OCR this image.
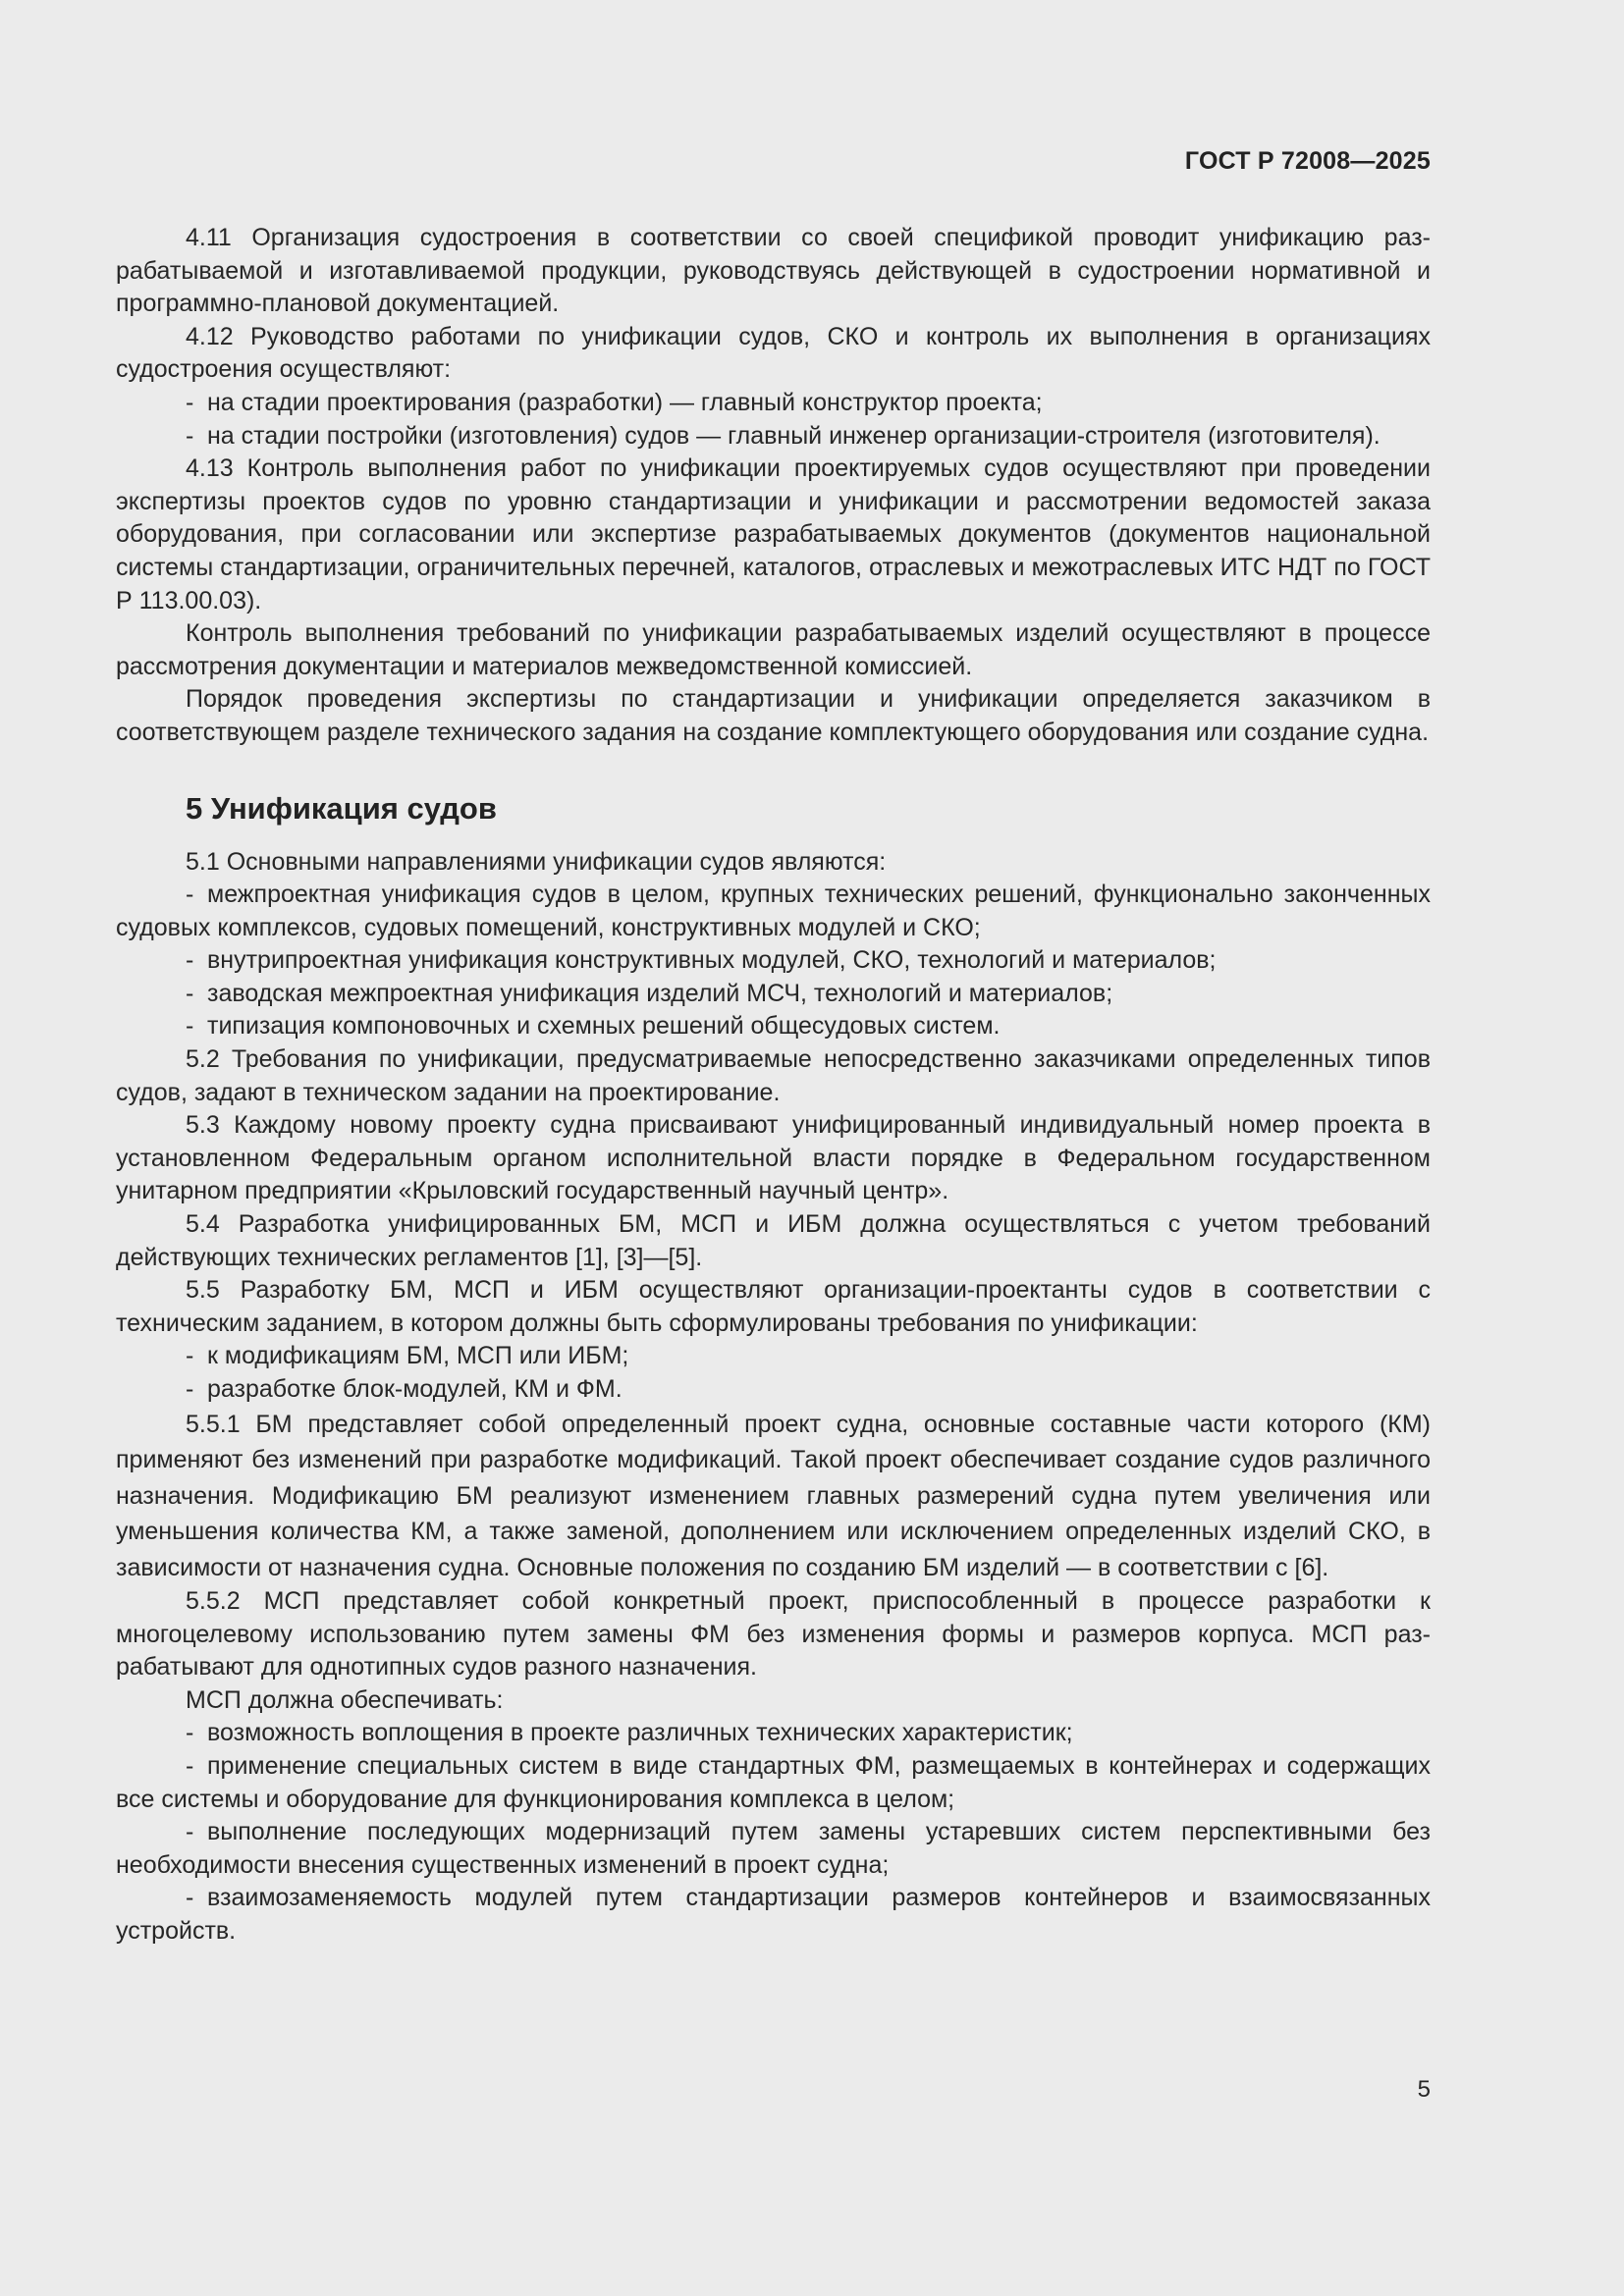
ГОСТ Р 72008—2025

4.11 Организация судостроения в соответствии со своей спецификой проводит унификацию разрабатываемой и изготавливаемой продукции, руководствуясь действующей в судостроении нормативной и программно-плановой документацией.

4.12 Руководство работами по унификации судов, СКО и контроль их выполнения в организациях судостроения осуществляют:

- на стадии проектирования (разработки) — главный конструктор проекта;

- на стадии постройки (изготовления) судов — главный инженер организации-строителя (изготовителя).

4.13 Контроль выполнения работ по унификации проектируемых судов осуществляют при проведении экспертизы проектов судов по уровню стандартизации и унификации и рассмотрении ведомостей заказа оборудования, при согласовании или экспертизе разрабатываемых документов (документов национальной системы стандартизации, ограничительных перечней, каталогов, отраслевых и межотраслевых ИТС НДТ по ГОСТ Р 113.00.03).

Контроль выполнения требований по унификации разрабатываемых изделий осуществляют в процессе рассмотрения документации и материалов межведомственной комиссией.

Порядок проведения экспертизы по стандартизации и унификации определяется заказчиком в соответствующем разделе технического задания на создание комплектующего оборудования или создание судна.

5 Унификация судов

5.1 Основными направлениями унификации судов являются:

- межпроектная унификация судов в целом, крупных технических решений, функционально законченных судовых комплексов, судовых помещений, конструктивных модулей и СКО;

- внутрипроектная унификация конструктивных модулей, СКО, технологий и материалов;

- заводская межпроектная унификация изделий МСЧ, технологий и материалов;

- типизация компоновочных и схемных решений общесудовых систем.

5.2 Требования по унификации, предусматриваемые непосредственно заказчиками определенных типов судов, задают в техническом задании на проектирование.

5.3 Каждому новому проекту судна присваивают унифицированный индивидуальный номер проекта в установленном Федеральным органом исполнительной власти порядке в Федеральном государственном унитарном предприятии «Крыловский государственный научный центр».

5.4 Разработка унифицированных БМ, МСП и ИБМ должна осуществляться с учетом требований действующих технических регламентов [1], [3]—[5].

5.5 Разработку БМ, МСП и ИБМ осуществляют организации-проектанты судов в соответствии с техническим заданием, в котором должны быть сформулированы требования по унификации:

- к модификациям БМ, МСП или ИБМ;

- разработке блок-модулей, КМ и ФМ.

5.5.1 БМ представляет собой определенный проект судна, основные составные части которого (КМ) применяют без изменений при разработке модификаций. Такой проект обеспечивает создание судов различного назначения. Модификацию БМ реализуют изменением главных размерений судна путем увеличения или уменьшения количества КМ, а также заменой, дополнением или исключением определенных изделий СКО, в зависимости от назначения судна. Основные положения по созданию БМ изделий — в соответствии с [6].

5.5.2 МСП представляет собой конкретный проект, приспособленный в процессе разработки к многоцелевому использованию путем замены ФМ без изменения формы и размеров корпуса. МСП разрабатывают для однотипных судов разного назначения.

МСП должна обеспечивать:

- возможность воплощения в проекте различных технических характеристик;

- применение специальных систем в виде стандартных ФМ, размещаемых в контейнерах и содержащих все системы и оборудование для функционирования комплекса в целом;

- выполнение последующих модернизаций путем замены устаревших систем перспективными без необходимости внесения существенных изменений в проект судна;

- взаимозаменяемость модулей путем стандартизации размеров контейнеров и взаимосвязанных устройств.

5
